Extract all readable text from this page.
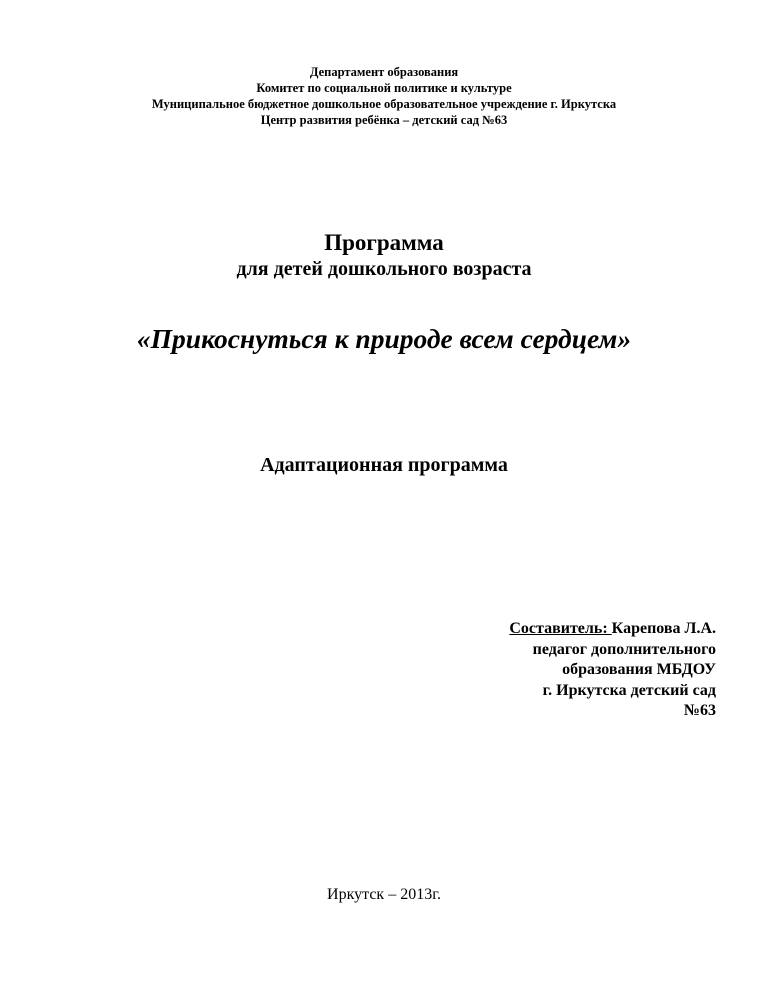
Департамент образования
Комитет по социальной политике и культуре
Муниципальное бюджетное дошкольное образовательное учреждение г. Иркутска
Центр развития ребёнка – детский сад №63
Программа
для детей дошкольного возраста
«Прикоснуться к природе всем сердцем»
Адаптационная программа
Составитель: Карепова Л.А.
педагог дополнительного
образования МБДОУ
г. Иркутска детский сад
№63
Иркутск – 2013г.
